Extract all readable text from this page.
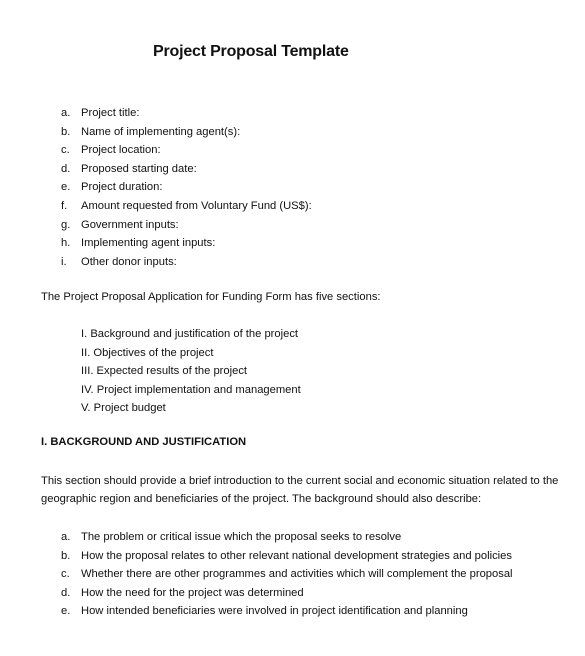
Project Proposal Template
a. Project title:
b. Name of implementing agent(s):
c. Project location:
d. Proposed starting date:
e. Project duration:
f. Amount requested from Voluntary Fund (US$):
g. Government inputs:
h. Implementing agent inputs:
i. Other donor inputs:
The Project Proposal Application for Funding Form has five sections:
I. Background and justification of the project
II. Objectives of the project
III. Expected results of the project
IV. Project implementation and management
V. Project budget
I. BACKGROUND AND JUSTIFICATION
This section should provide a brief introduction to the current social and economic situation related to the
geographic region and beneficiaries of the project. The background should also describe:
a. The problem or critical issue which the proposal seeks to resolve
b. How the proposal relates to other relevant national development strategies and policies
c. Whether there are other programmes and activities which will complement the proposal
d. How the need for the project was determined
e. How intended beneficiaries were involved in project identification and planning
